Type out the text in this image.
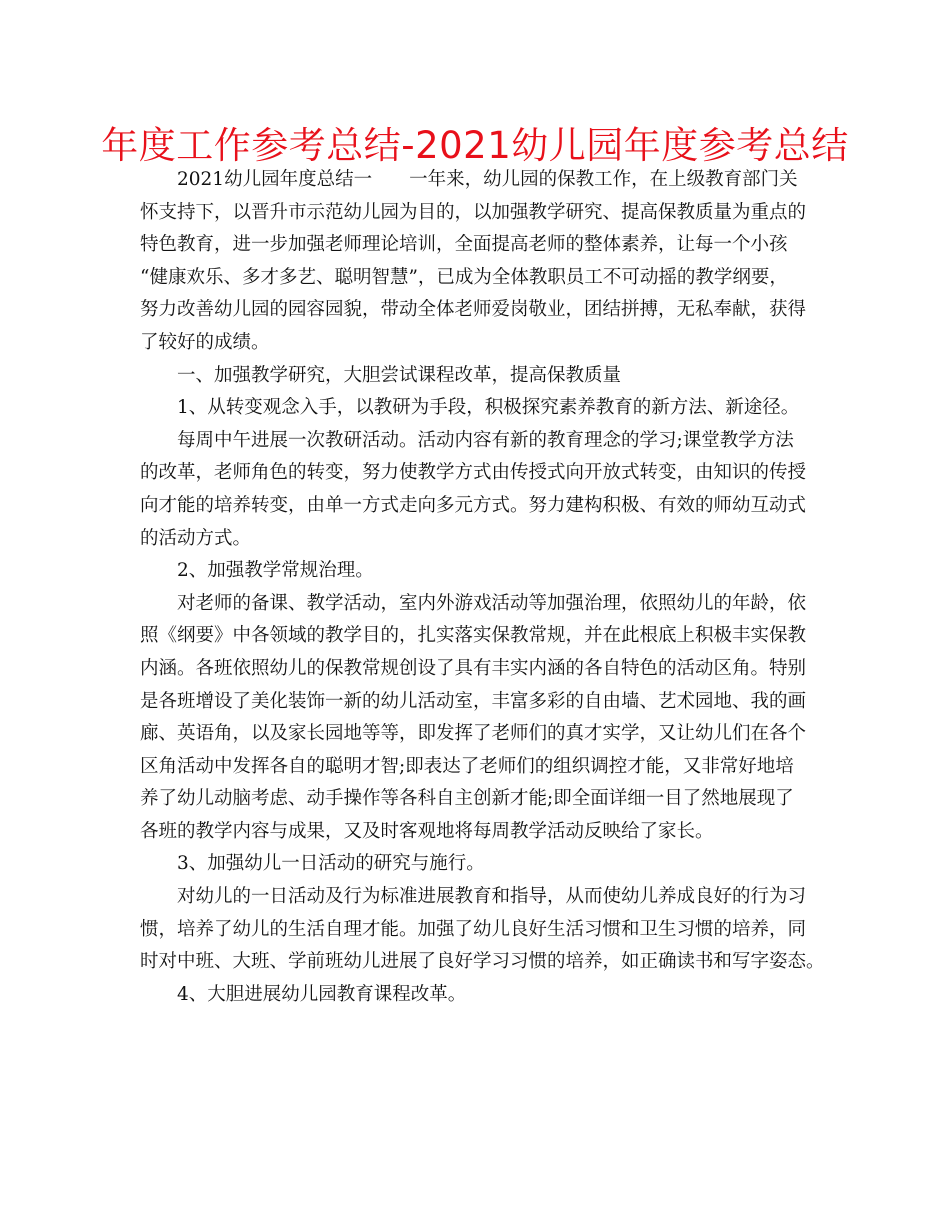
年度工作参考总结-2021幼儿园年度参考总结
2021幼儿园年度总结一　　一年来，幼儿园的保教工作，在上级教育部门关
怀支持下，以晋升市示范幼儿园为目的，以加强教学研究、提高保教质量为重点的
特色教育，进一步加强老师理论培训，全面提高老师的整体素养，让每一个小孩
“健康欢乐、多才多艺、聪明智慧”，已成为全体教职员工不可动摇的教学纲要，
努力改善幼儿园的园容园貌，带动全体老师爱岗敬业，团结拼搏，无私奉献，获得
了较好的成绩。
一、加强教学研究，大胆尝试课程改革，提高保教质量
1、从转变观念入手，以教研为手段，积极探究素养教育的新方法、新途径。
每周中午进展一次教研活动。活动内容有新的教育理念的学习;课堂教学方法
的改革，老师角色的转变，努力使教学方式由传授式向开放式转变，由知识的传授
向才能的培养转变，由单一方式走向多元方式。努力建构积极、有效的师幼互动式
的活动方式。
2、加强教学常规治理。
对老师的备课、教学活动，室内外游戏活动等加强治理，依照幼儿的年龄，依
照《纲要》中各领域的教学目的，扎实落实保教常规，并在此根底上积极丰实保教
内涵。各班依照幼儿的保教常规创设了具有丰实内涵的各自特色的活动区角。特别
是各班增设了美化装饰一新的幼儿活动室，丰富多彩的自由墙、艺术园地、我的画
廊、英语角，以及家长园地等等，即发挥了老师们的真才实学，又让幼儿们在各个
区角活动中发挥各自的聪明才智;即表达了老师们的组织调控才能，又非常好地培
养了幼儿动脑考虑、动手操作等各科自主创新才能;即全面详细一目了然地展现了
各班的教学内容与成果，又及时客观地将每周教学活动反映给了家长。
3、加强幼儿一日活动的研究与施行。
对幼儿的一日活动及行为标准进展教育和指导，从而使幼儿养成良好的行为习
惯，培养了幼儿的生活自理才能。加强了幼儿良好生活习惯和卫生习惯的培养，同
时对中班、大班、学前班幼儿进展了良好学习习惯的培养，如正确读书和写字姿态。
4、大胆进展幼儿园教育课程改革。
